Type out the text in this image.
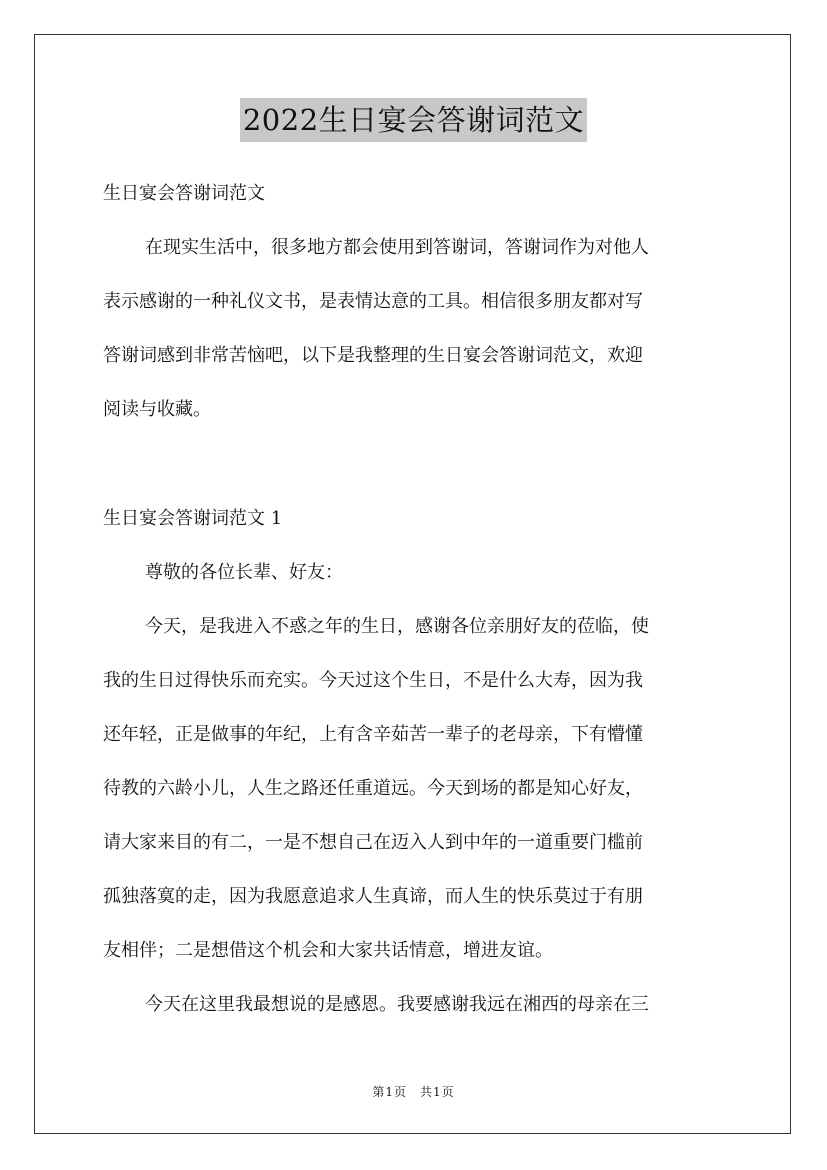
2022生日宴会答谢词范文
生日宴会答谢词范文
在现实生活中，很多地方都会使用到答谢词，答谢词作为对他人
表示感谢的一种礼仪文书，是表情达意的工具。相信很多朋友都对写
答谢词感到非常苦恼吧，以下是我整理的生日宴会答谢词范文，欢迎
阅读与收藏。
生日宴会答谢词范文 1
尊敬的各位长辈、好友：
今天，是我进入不惑之年的生日，感谢各位亲朋好友的莅临，使
我的生日过得快乐而充实。今天过这个生日，不是什么大寿，因为我
还年轻，正是做事的年纪，上有含辛茹苦一辈子的老母亲，下有懵懂
待教的六龄小儿，人生之路还任重道远。今天到场的都是知心好友，
请大家来目的有二，一是不想自己在迈入人到中年的一道重要门槛前
孤独落寞的走，因为我愿意追求人生真谛，而人生的快乐莫过于有朋
友相伴；二是想借这个机会和大家共话情意，增进友谊。
今天在这里我最想说的是感恩。我要感谢我远在湘西的母亲在三
第1页　共1页
